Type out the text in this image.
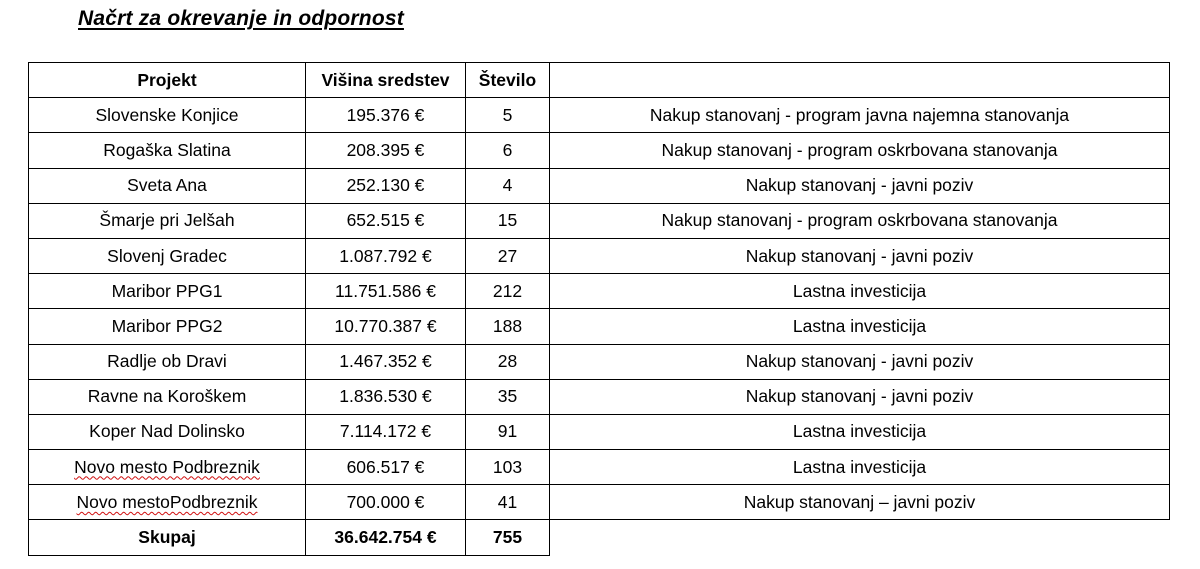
Načrt za okrevanje in odpornost
Projekt	Višina sredstev	Število	
Slovenske Konjice	195.376 €	5	Nakup stanovanj - program javna najemna stanovanja
Rogaška Slatina	208.395 €	6	Nakup stanovanj - program oskrbovana stanovanja
Sveta Ana	252.130 €	4	Nakup stanovanj - javni poziv
Šmarje pri Jelšah	652.515 €	15	Nakup stanovanj - program oskrbovana stanovanja
Slovenj Gradec	1.087.792 €	27	Nakup stanovanj - javni poziv
Maribor PPG1	11.751.586 €	212	Lastna investicija
Maribor PPG2	10.770.387 €	188	Lastna investicija
Radlje ob Dravi	1.467.352 €	28	Nakup stanovanj - javni poziv
Ravne na Koroškem	1.836.530 €	35	Nakup stanovanj - javni poziv
Koper Nad Dolinsko	7.114.172 €	91	Lastna investicija
Novo mesto Podbreznik	606.517 €	103	Lastna investicija
Novo mestoPodbreznik	700.000 €	41	Nakup stanovanj – javni poziv
Skupaj	36.642.754 €	755	
